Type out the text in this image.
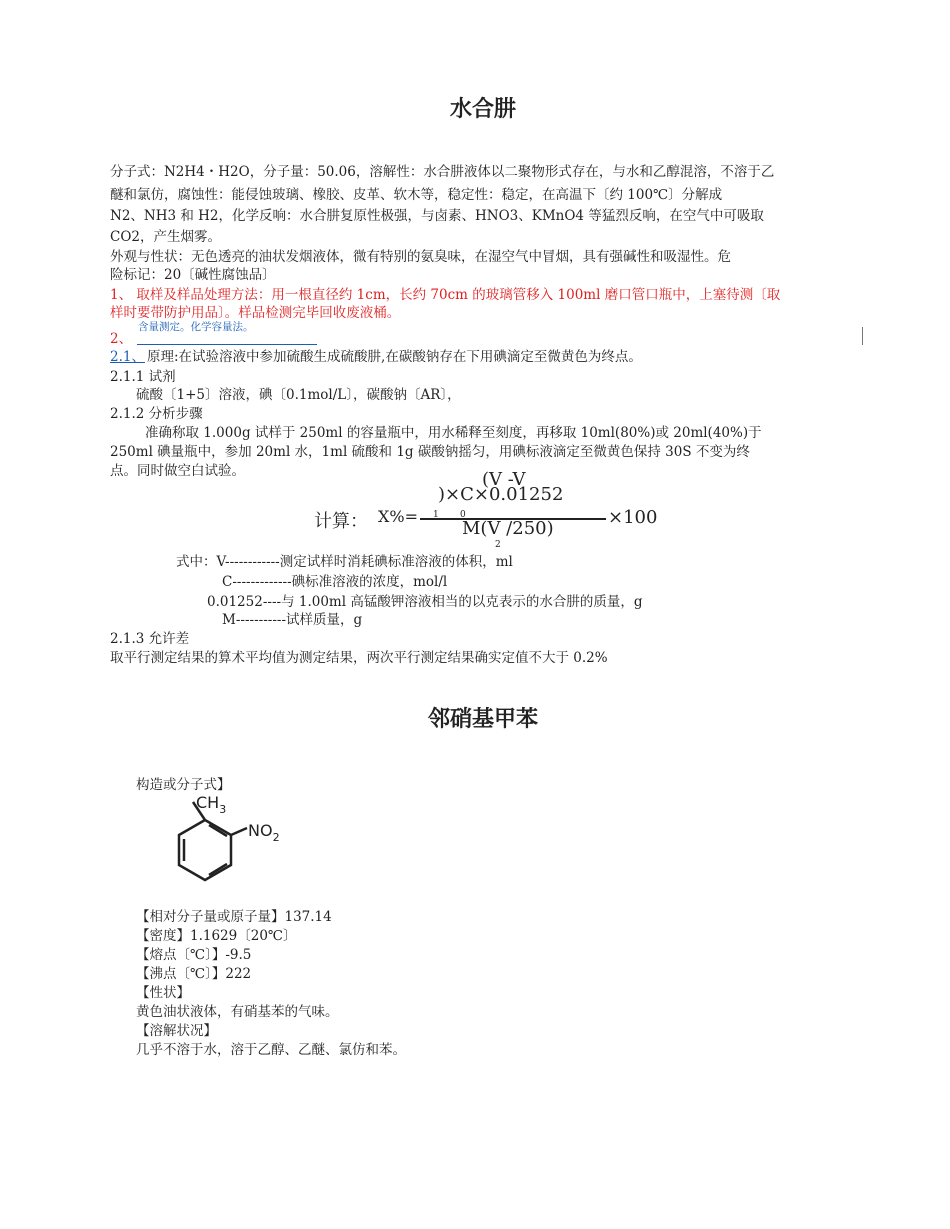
水合肼
分子式：N2H4・H2O，分子量：50.06，溶解性：水合肼液体以二聚物形式存在，与水和乙醇混溶，不溶于乙
醚和氯仿，腐蚀性：能侵蚀玻璃、橡胶、皮革、软木等，稳定性：稳定，在高温下〔约 100℃〕分解成
N2、NH3 和 H2，化学反响：水合肼复原性极强，与卤素、HNO3、KMnO4 等猛烈反响，在空气中可吸取
CO2，产生烟雾。
外观与性状：无色透亮的油状发烟液体，微有特别的氨臭味，在湿空气中冒烟，具有强碱性和吸湿性。危
险标记：20〔碱性腐蚀品〕
1、 取样及样品处理方法：用一根直径约 1cm，长约 70cm 的玻璃管移入 100ml 磨口管口瓶中，上塞待测〔取
样时要带防护用品〕。样品检测完毕回收废液桶。
含量测定。化学容量法。
2、
2.1、 原理:在试验溶液中参加硫酸生成硫酸肼,在碳酸钠存在下用碘滴定至微黄色为终点。
2.1.1 试剂
硫酸〔1+5〕溶液，碘〔0.1mol/L〕，碳酸钠〔AR〕，
2.1.2 分析步骤
准确称取 1.000g 试样于 250ml 的容量瓶中，用水稀释至刻度，再移取 10ml(80%)或 20ml(40%)于
250ml 碘量瓶中，参加 20ml 水，1ml 硫酸和 1g 碳酸钠摇匀，用碘标液滴定至微黄色保持 30S 不变为终
点。同时做空白试验。	(V -V
)×C×0.01252
1 0
计算： X%=	×100
M(V /250)
2
式中：V------------测定试样时消耗碘标准溶液的体积，ml
C-------------碘标准溶液的浓度，mol/l
0.01252----与 1.00ml 高锰酸钾溶液相当的以克表示的水合肼的质量，g
M-----------试样质量，g
2.1.3 允许差
取平行测定结果的算术平均值为测定结果，两次平行测定结果确实定值不大于 0.2%
邻硝基甲苯
构造或分子式】
$CH_3$
$NO_2$
【相对分子量或原子量】137.14
【密度】1.1629〔20℃〕
【熔点〔℃〕】-9.5
【沸点〔℃〕】222
【性状】
黄色油状液体，有硝基苯的气味。
【溶解状况】
几乎不溶于水，溶于乙醇、乙醚、氯仿和苯。
